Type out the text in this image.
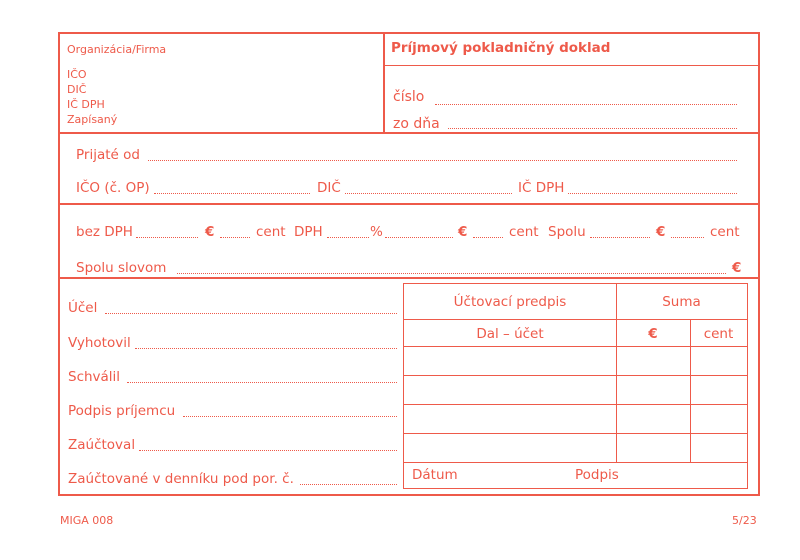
Organizácia/Firma
IČO
DIČ
IČ DPH
Zapísaný
Príjmový pokladničný doklad
číslo
zo dňa
Prijaté od
IČO (č. OP)	DIČ	IČ DPH
bez DPH	€	cent DPH	%	€	cent Spolu	€	cent
Spolu slovom	€
Účel
Vyhotovil
Schválil
Podpis príjemcu
Zaúčtoval
Zaúčtované v denníku pod por. č.
Účtovací predpis	Suma
Dal – účet	€	cent
Dátum	Podpis
MIGA 008	5/23
